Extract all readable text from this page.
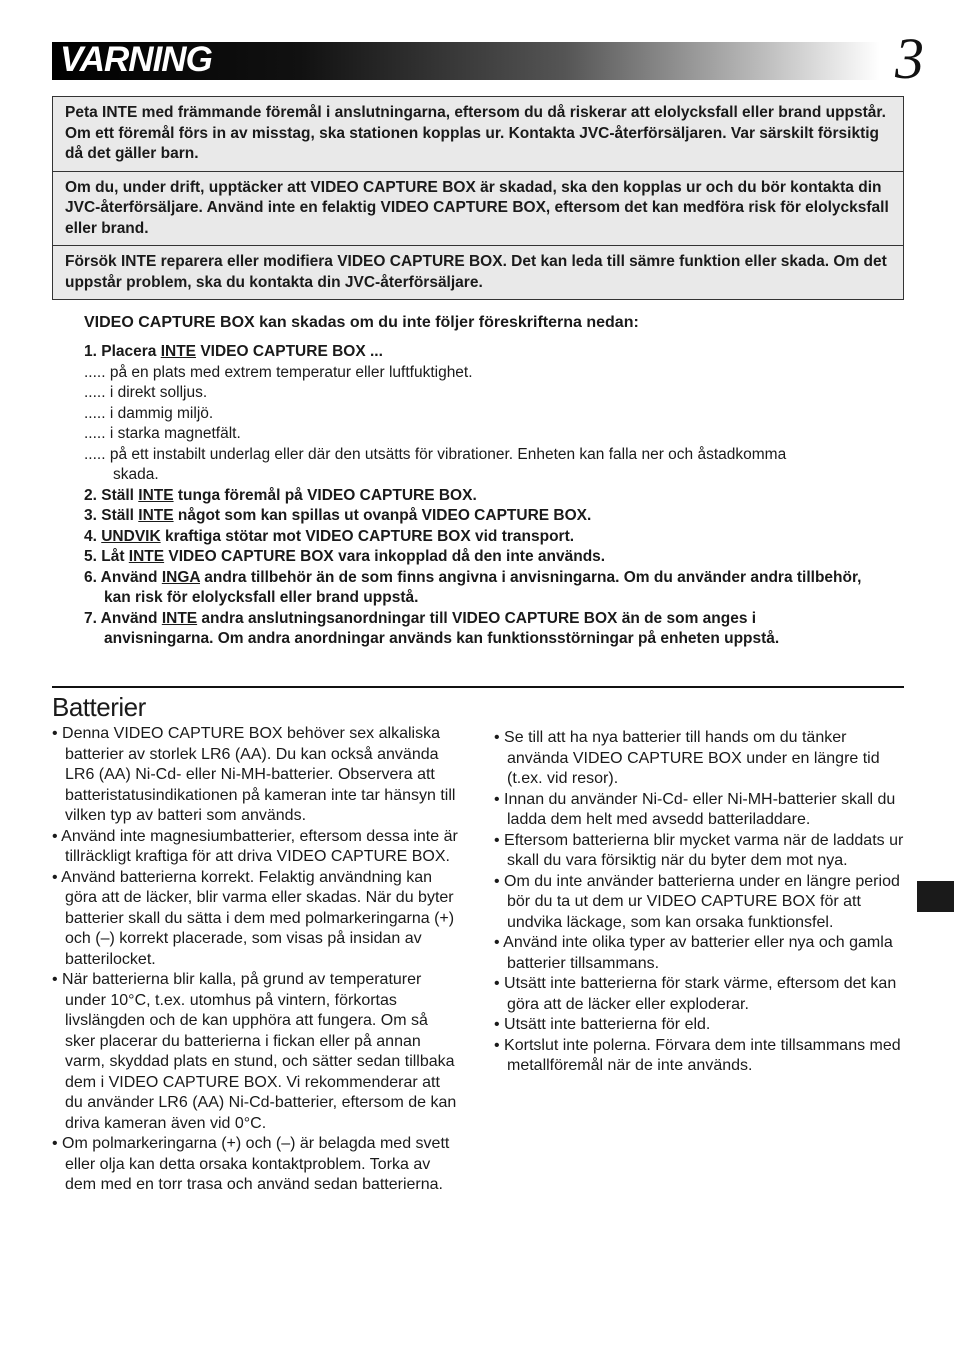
VARNING	3
Peta INTE med främmande föremål i anslutningarna, eftersom du då riskerar att elolycksfall eller brand uppstår. Om ett föremål förs in av misstag, ska stationen kopplas ur. Kontakta JVC-återförsäljaren. Var särskilt försiktig då det gäller barn.
Om du, under drift, upptäcker att VIDEO CAPTURE BOX är skadad, ska den kopplas ur och du bör kontakta din JVC-återförsäljare. Använd inte en felaktig VIDEO CAPTURE BOX, eftersom det kan medföra risk för elolycksfall eller brand.
Försök INTE reparera eller modifiera VIDEO CAPTURE BOX. Det kan leda till sämre funktion eller skada. Om det uppstår problem, ska du kontakta din JVC-återförsäljare.
VIDEO CAPTURE BOX kan skadas om du inte följer föreskrifterna nedan:
1. Placera INTE VIDEO CAPTURE BOX ...
..... på en plats med extrem temperatur eller luftfuktighet.
..... i direkt solljus.
..... i dammig miljö.
..... i starka magnetfält.
..... på ett instabilt underlag eller där den utsätts för vibrationer. Enheten kan falla ner och åstadkomma skada.
2. Ställ INTE tunga föremål på VIDEO CAPTURE BOX.
3. Ställ INTE något som kan spillas ut ovanpå VIDEO CAPTURE BOX.
4. UNDVIK kraftiga stötar mot VIDEO CAPTURE BOX vid transport.
5. Låt INTE VIDEO CAPTURE BOX vara inkopplad då den inte används.
6. Använd INGA andra tillbehör än de som finns angivna i anvisningarna. Om du använder andra tillbehör, kan risk för elolycksfall eller brand uppstå.
7. Använd INTE andra anslutningsanordningar till VIDEO CAPTURE BOX än de som anges i anvisningarna. Om andra anordningar används kan funktionsstörningar på enheten uppstå.
Batterier

• Denna VIDEO CAPTURE BOX behöver sex alkaliska batterier av storlek LR6 (AA). Du kan också använda LR6 (AA) Ni-Cd- eller Ni-MH-batterier. Observera att batteristatusindikationen på kameran inte tar hänsyn till vilken typ av batteri som används.

• Använd inte magnesiumbatterier, eftersom dessa inte är tillräckligt kraftiga för att driva VIDEO CAPTURE BOX.

• Använd batterierna korrekt. Felaktig användning kan göra att de läcker, blir varma eller skadas. När du byter batterier skall du sätta i dem med polmarkeringarna (+) och (–) korrekt placerade, som visas på insidan av batterilocket.

• När batterierna blir kalla, på grund av temperaturer under 10°C, t.ex. utomhus på vintern, förkortas livslängden och de kan upphöra att fungera. Om så sker placerar du batterierna i fickan eller på annan varm, skyddad plats en stund, och sätter sedan tillbaka dem i VIDEO CAPTURE BOX. Vi rekommenderar att du använder LR6 (AA) Ni-Cd-batterier, eftersom de kan driva kameran även vid 0°C.

• Om polmarkeringarna (+) och (–) är belagda med svett eller olja kan detta orsaka kontaktproblem. Torka av dem med en torr trasa och använd sedan batterierna.

• Se till att ha nya batterier till hands om du tänker använda VIDEO CAPTURE BOX under en längre tid (t.ex. vid resor).

• Innan du använder Ni-Cd- eller Ni-MH-batterier skall du ladda dem helt med avsedd batteriladdare.

• Eftersom batterierna blir mycket varma när de laddats ur skall du vara försiktig när du byter dem mot nya.

• Om du inte använder batterierna under en längre period bör du ta ut dem ur VIDEO CAPTURE BOX för att undvika läckage, som kan orsaka funktionsfel.

• Använd inte olika typer av batterier eller nya och gamla batterier tillsammans.

• Utsätt inte batterierna för stark värme, eftersom det kan göra att de läcker eller exploderar.

• Utsätt inte batterierna för eld.

• Kortslut inte polerna. Förvara dem inte tillsammans med metallföremål när de inte används.
